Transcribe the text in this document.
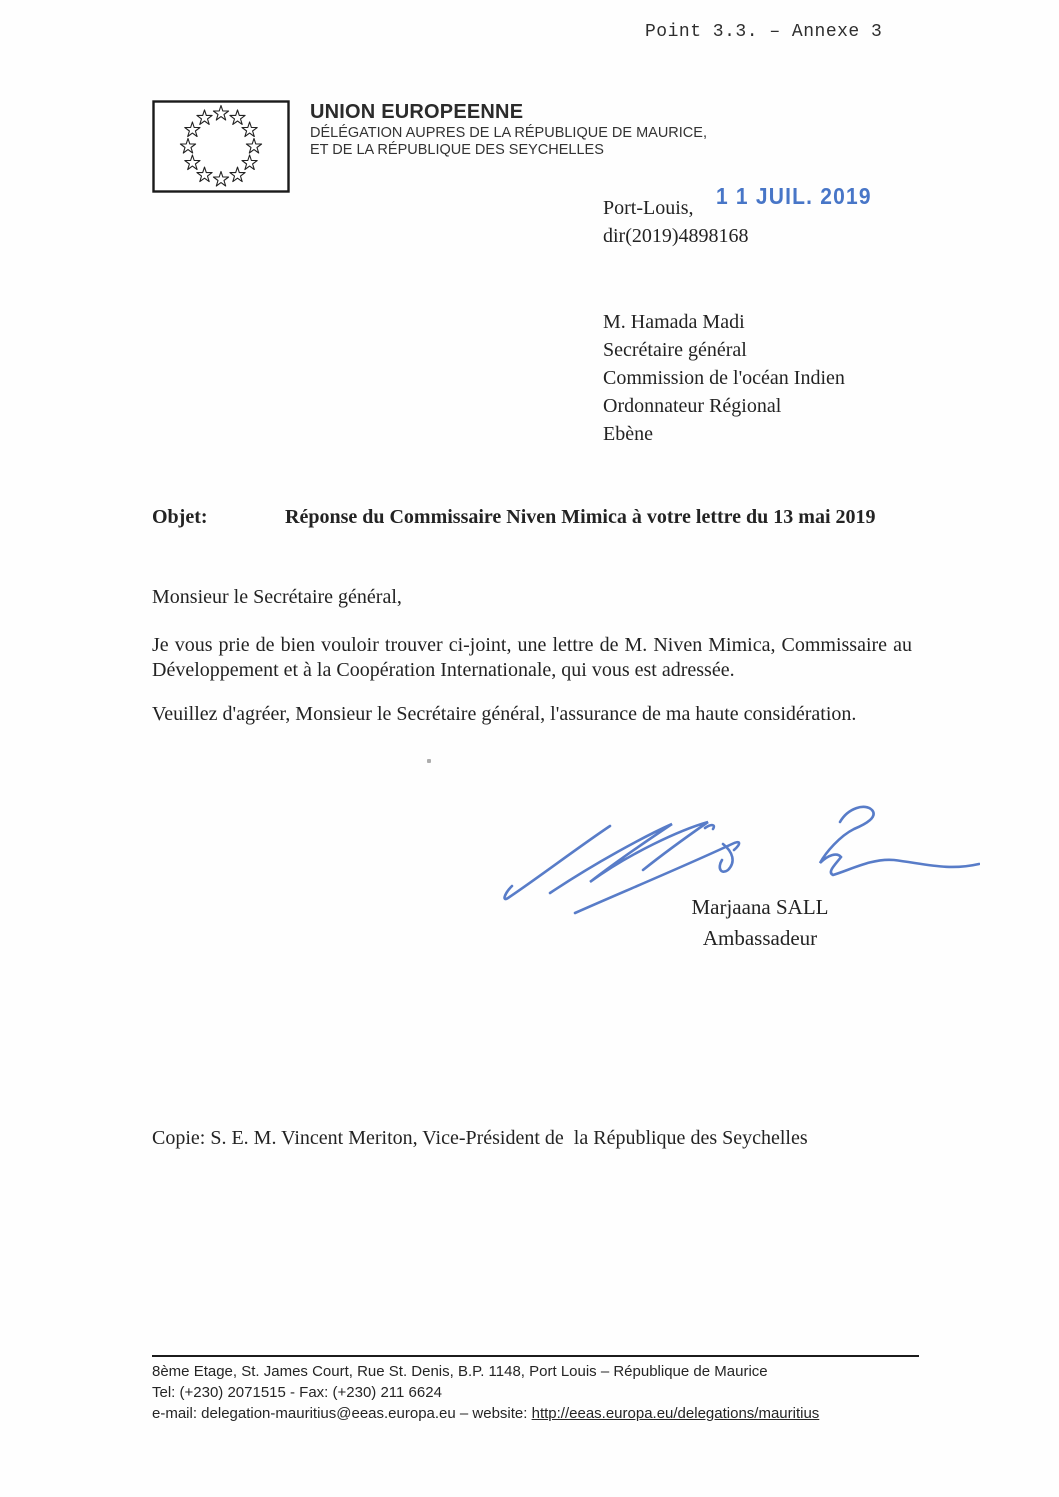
Point 3.3. – Annexe 3
UNION EUROPEENNE
DÉLÉGATION AUPRES DE LA RÉPUBLIQUE DE MAURICE,
ET DE LA RÉPUBLIQUE DES SEYCHELLES
Port-Louis, 1 1 JUIL. 2019
dir(2019)4898168
M. Hamada Madi
Secrétaire général
Commission de l'océan Indien
Ordonnateur Régional
Ebène
Objet:	Réponse du Commissaire Niven Mimica à votre lettre du 13 mai 2019
Monsieur le Secrétaire général,
Je vous prie de bien vouloir trouver ci-joint, une lettre de M. Niven Mimica, Commissaire au Développement et à la Coopération Internationale, qui vous est adressée.
Veuillez d'agréer, Monsieur le Secrétaire général, l'assurance de ma haute considération.
Marjaana SALL
Ambassadeur
Copie: S. E. M. Vincent Meriton, Vice-Président de  la République des Seychelles
8ème Etage, St. James Court, Rue St. Denis, B.P. 1148, Port Louis – République de Maurice
Tel: (+230) 2071515 - Fax: (+230) 211 6624
e-mail: delegation-mauritius@eeas.europa.eu – website: http://eeas.europa.eu/delegations/mauritius
